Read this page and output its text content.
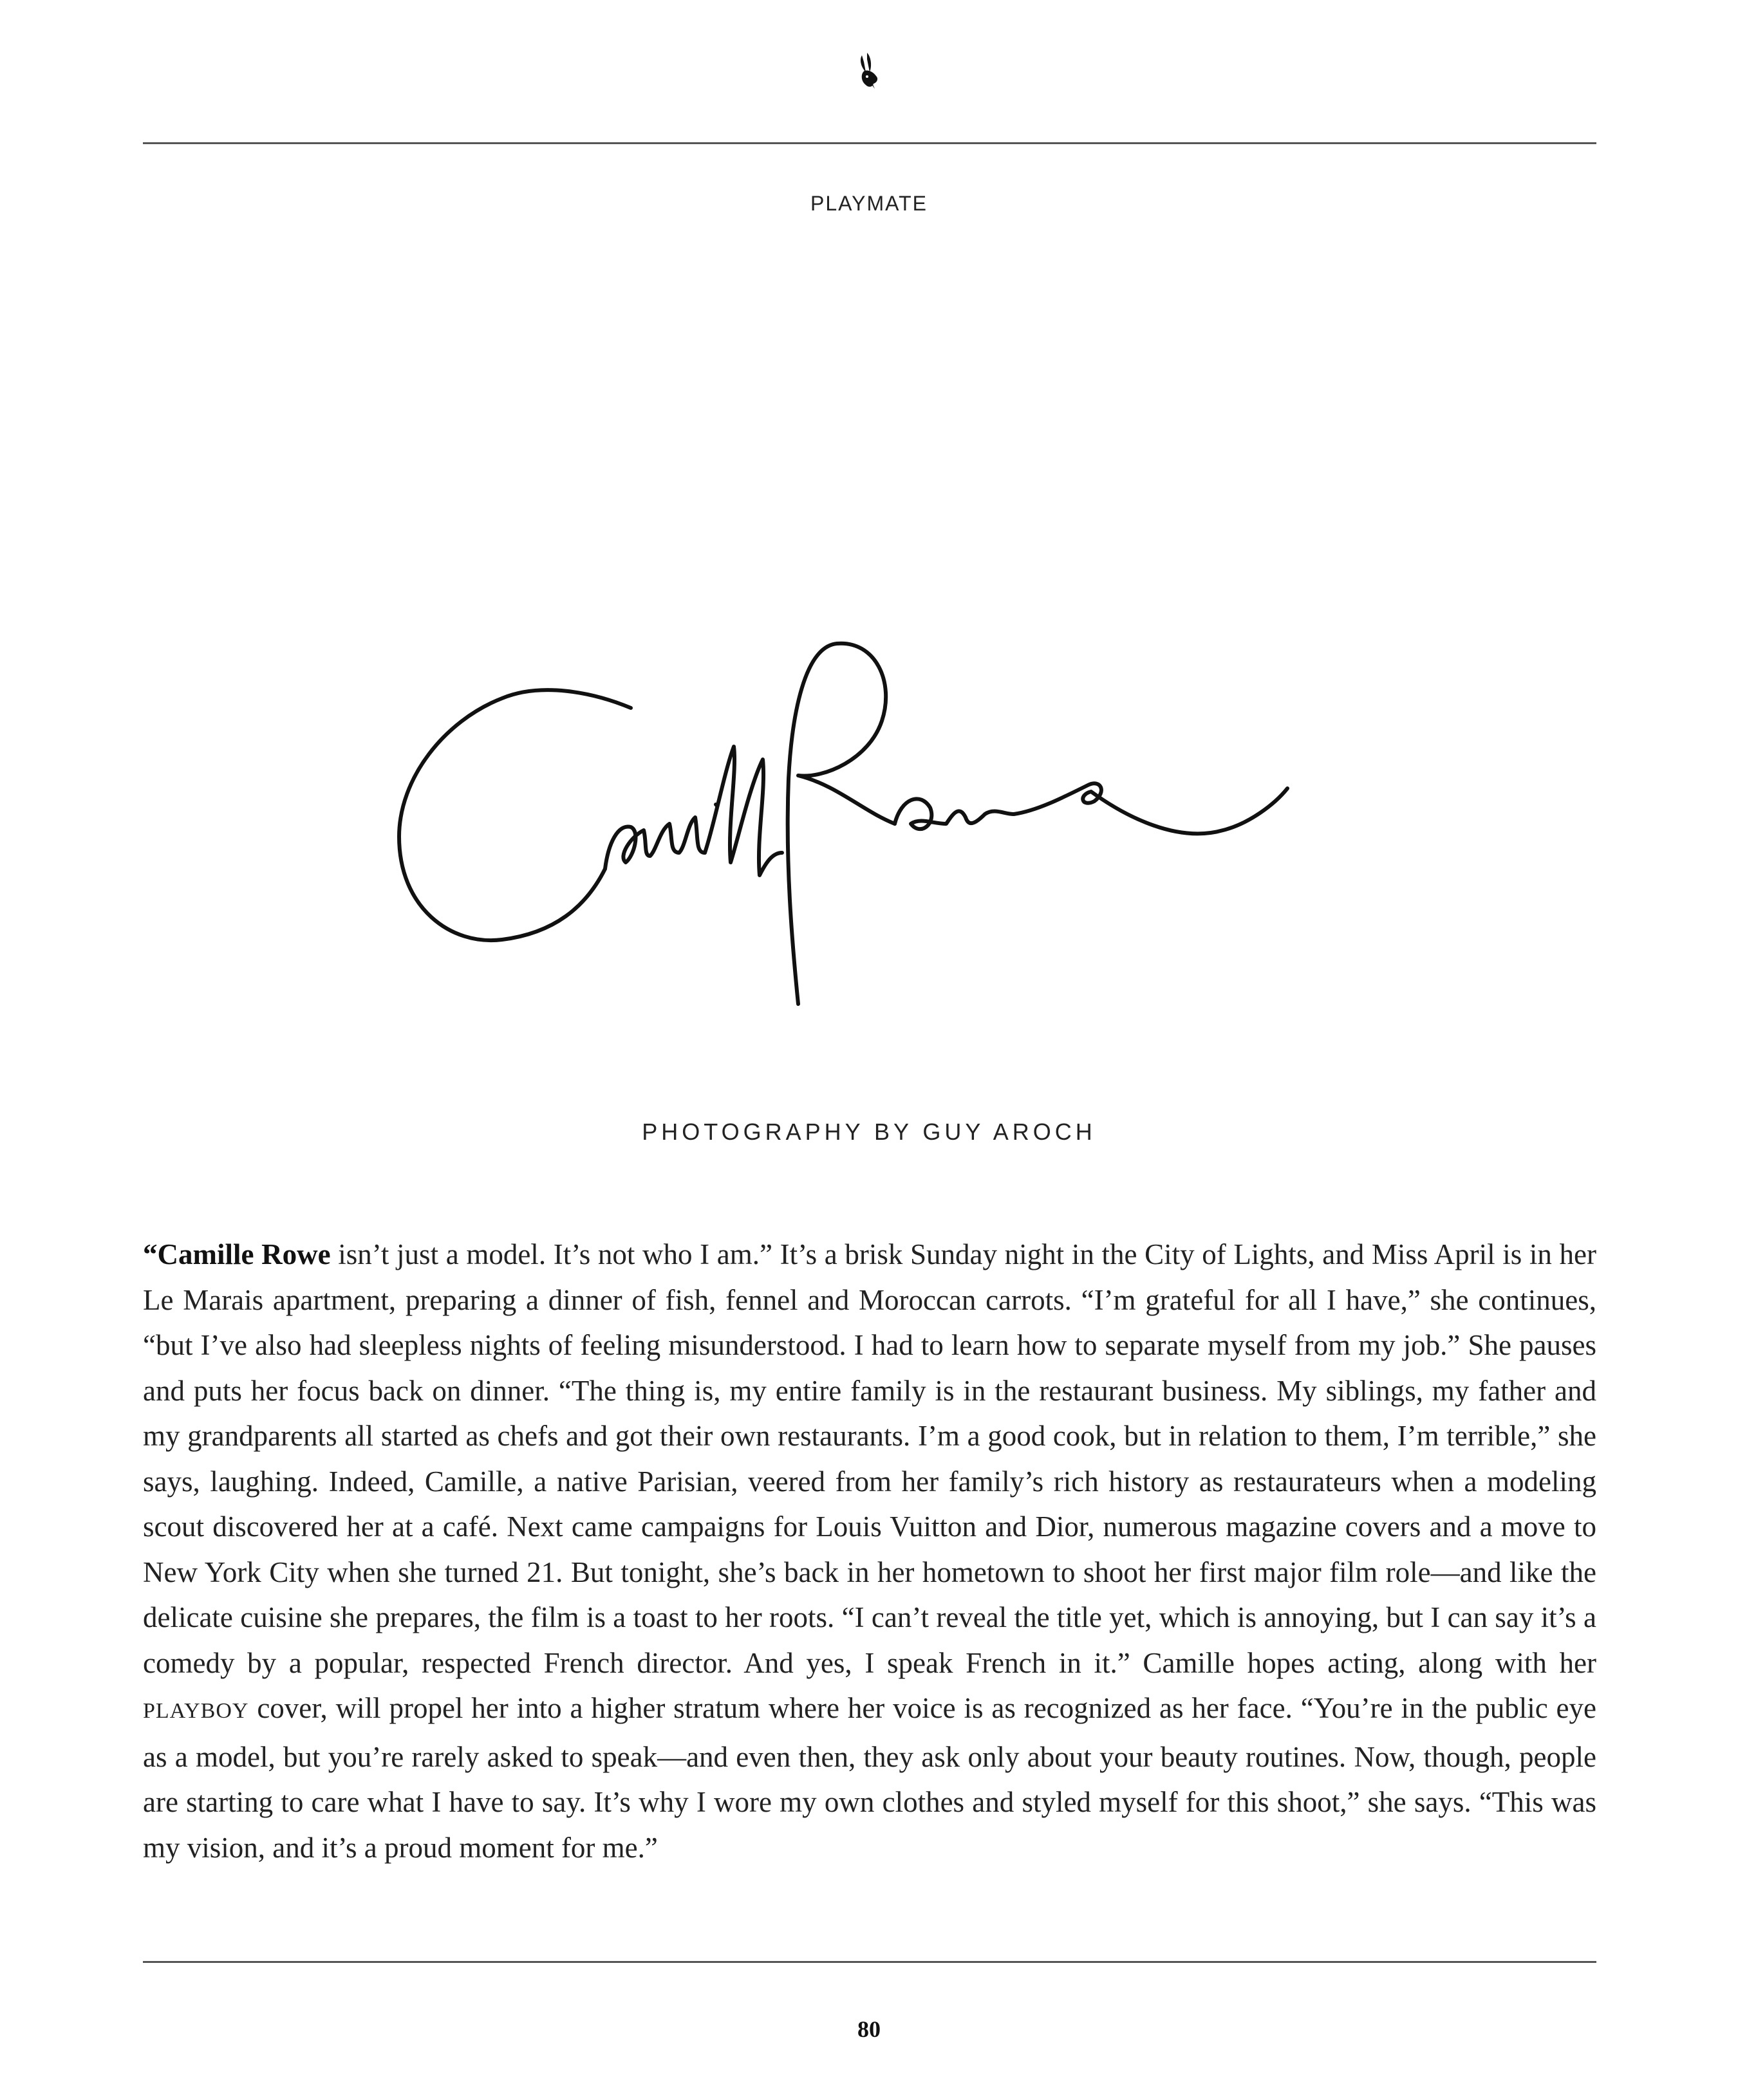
PLAYMATE
PHOTOGRAPHY BY GUY AROCH

“Camille Rowe isn’t just a model. It’s not who I am.” It’s a brisk Sunday night in the City of Lights, and Miss April is in her Le Marais apartment, preparing a dinner of fish, fennel and Moroccan carrots. “I’m grateful for all I have,” she continues, “but I’ve also had sleepless nights of feeling misunderstood. I had to learn how to separate myself from my job.” She pauses and puts her focus back on dinner. “The thing is, my entire family is in the restaurant business. My siblings, my father and my grandparents all started as chefs and got their own restaurants. I’m a good cook, but in relation to them, I’m terrible,” she says, laughing. Indeed, Camille, a native Parisian, veered from her family’s rich history as restaurateurs when a modeling scout discovered her at a café. Next came campaigns for Louis Vuitton and Dior, numerous magazine covers and a move to New York City when she turned 21. But tonight, she’s back in her hometown to shoot her first major film role—and like the delicate cuisine she prepares, the film is a toast to her roots. “I can’t reveal the title yet, which is annoying, but I can say it’s a comedy by a popular, respected French director. And yes, I speak French in it.” Camille hopes acting, along with her PLAYBOY cover, will propel her into a higher stratum where her voice is as recognized as her face. “You’re in the public eye as a model, but you’re rarely asked to speak—and even then, they ask only about your beauty routines. Now, though, people are starting to care what I have to say. It’s why I wore my own clothes and styled myself for this shoot,” she says. “This was my vision, and it’s a proud moment for me.”

80
